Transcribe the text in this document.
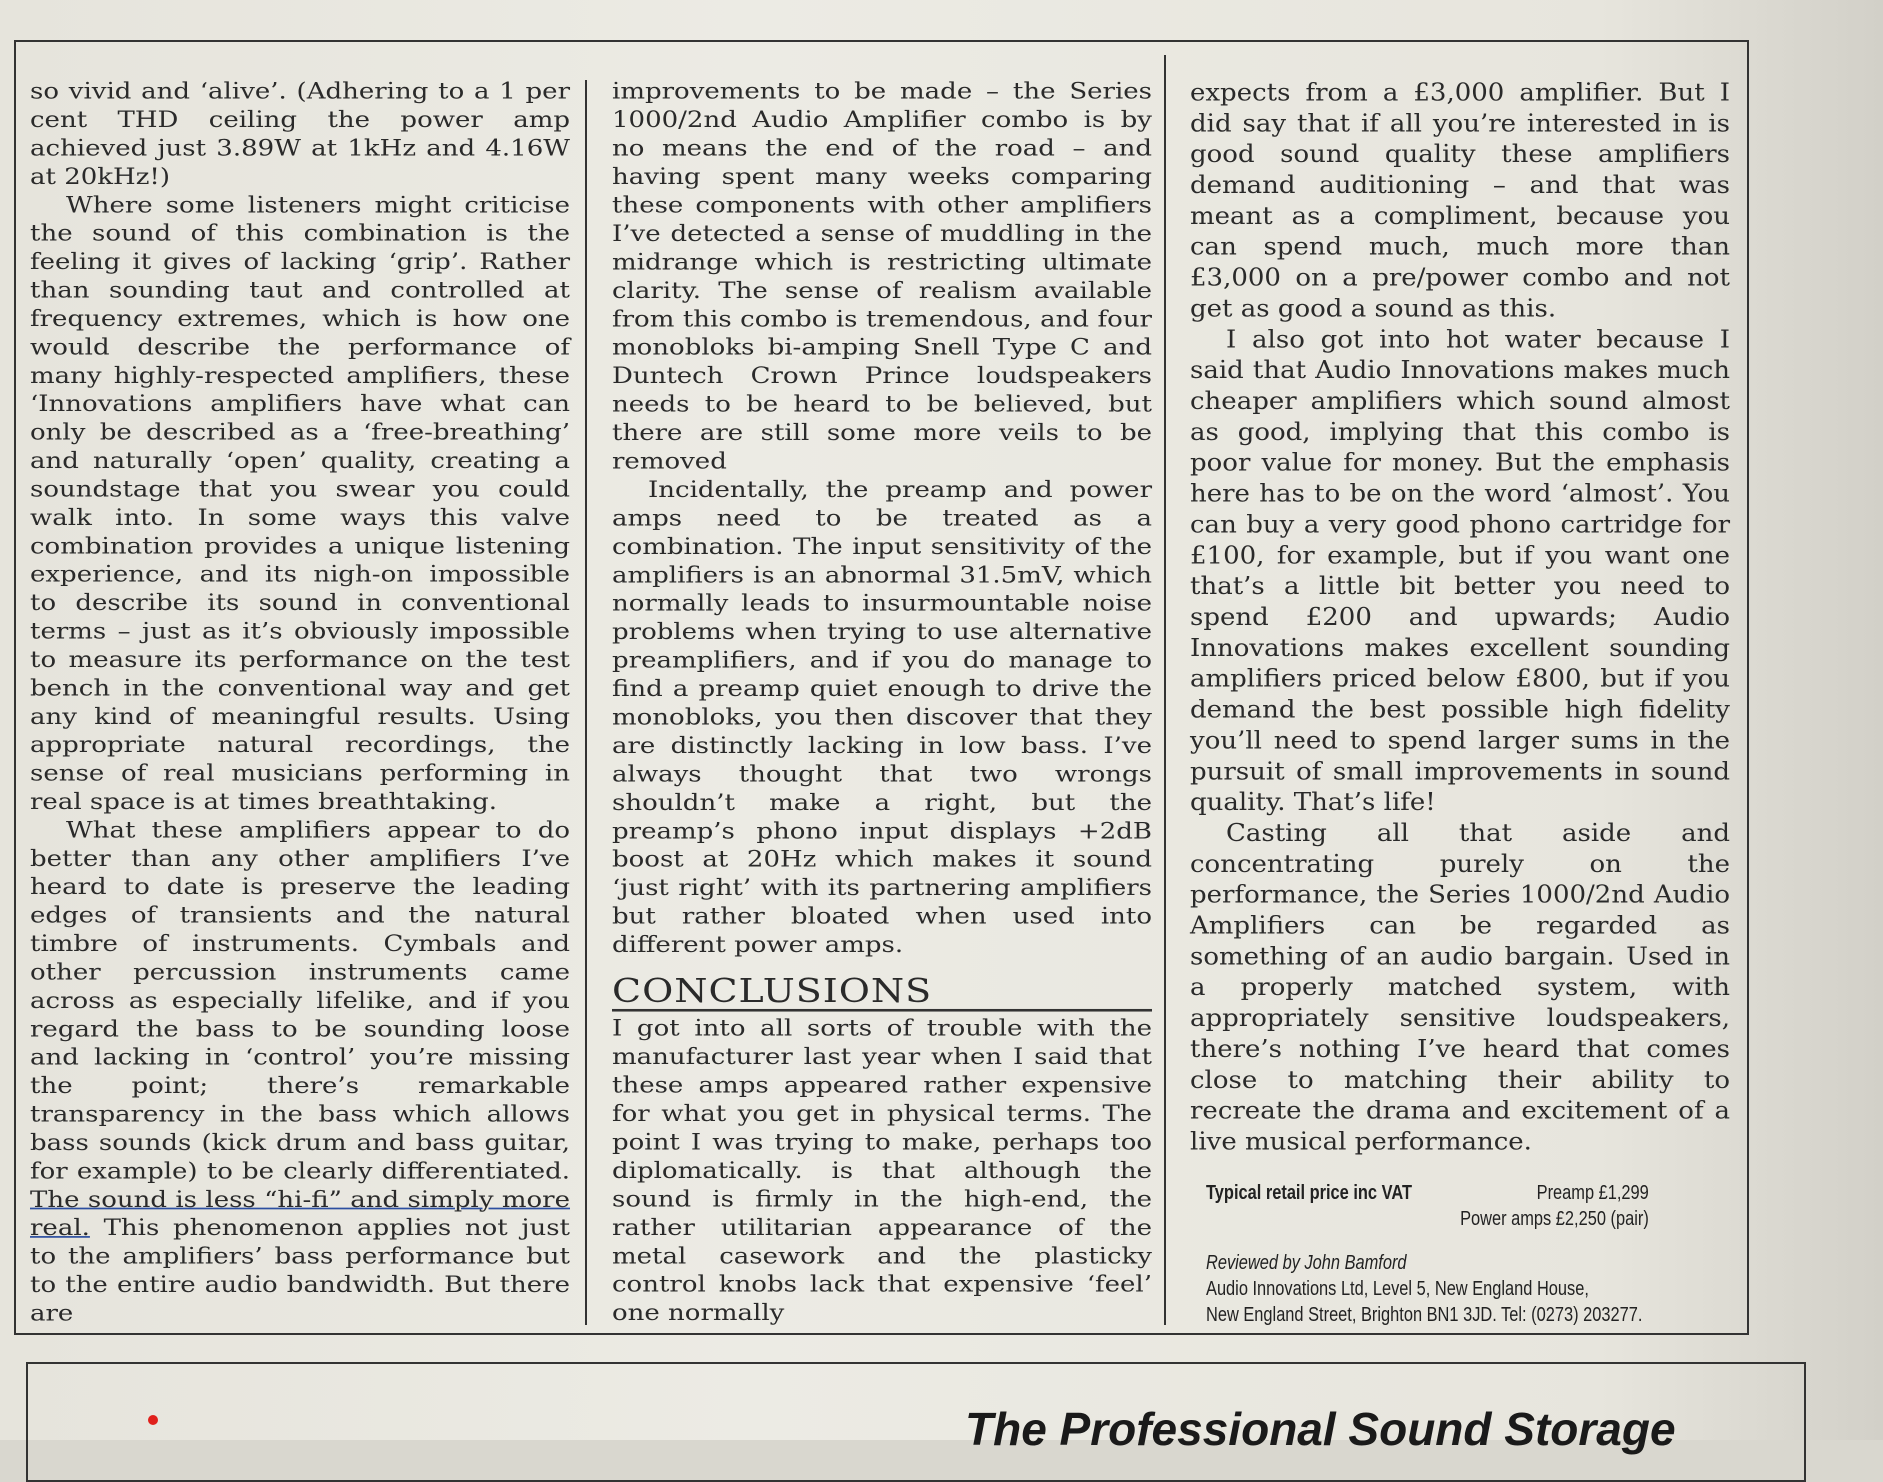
so vivid and ‘alive’. (Adhering to a 1 per cent THD ceiling the power amp achieved just 3.89W at 1kHz and 4.16W at 20kHz!)

Where some listeners might criticise the sound of this combination is the feeling it gives of lacking ‘grip’. Rather than sounding taut and controlled at frequency extremes, which is how one would describe the performance of many highly-respected amplifiers, these ‘Innovations amplifiers have what can only be described as a ‘free-breathing’ and naturally ‘open’ quality, creating a soundstage that you swear you could walk into. In some ways this valve combination provides a unique listening experience, and its nigh-on impossible to describe its sound in conventional terms – just as it’s obviously impossible to measure its performance on the test bench in the conventional way and get any kind of meaningful results. Using appropriate natural recordings, the sense of real musicians performing in real space is at times breathtaking.

What these amplifiers appear to do better than any other amplifiers I’ve heard to date is preserve the leading edges of transients and the natural timbre of instruments. Cymbals and other percussion instruments came across as especially lifelike, and if you regard the bass to be sounding loose and lacking in ‘control’ you’re missing the point; there’s remarkable transparency in the bass which allows bass sounds (kick drum and bass guitar, for example) to be clearly differentiated. The sound is less “hi-fi” and simply more real. This phenomenon applies not just to the amplifiers’ bass performance but to the entire audio bandwidth. But there are

improvements to be made – the Series 1000/2nd Audio Amplifier combo is by no means the end of the road – and having spent many weeks comparing these components with other amplifiers I’ve detected a sense of muddling in the midrange which is restricting ultimate clarity. The sense of realism available from this combo is tremendous, and four monobloks bi-amping Snell Type C and Duntech Crown Prince loudspeakers needs to be heard to be believed, but there are still some more veils to be removed

Incidentally, the preamp and power amps need to be treated as a combination. The input sensitivity of the amplifiers is an abnormal 31.5mV, which normally leads to insurmountable noise problems when trying to use alternative preamplifiers, and if you do manage to find a preamp quiet enough to drive the monobloks, you then discover that they are distinctly lacking in low bass. I’ve always thought that two wrongs shouldn’t make a right, but the preamp’s phono input displays +2dB boost at 20Hz which makes it sound ‘just right’ with its partnering amplifiers but rather bloated when used into different power amps.

CONCLUSIONS

I got into all sorts of trouble with the manufacturer last year when I said that these amps appeared rather expensive for what you get in physical terms. The point I was trying to make, perhaps too diplomatically. is that although the sound is firmly in the high-end, the rather utilitarian appearance of the metal casework and the plasticky control knobs lack that expensive ‘feel’ one normally

expects from a £3,000 amplifier. But I did say that if all you’re interested in is good sound quality these amplifiers demand auditioning – and that was meant as a compliment, because you can spend much, much more than £3,000 on a pre/power combo and not get as good a sound as this.

I also got into hot water because I said that Audio Innovations makes much cheaper amplifiers which sound almost as good, implying that this combo is poor value for money. But the emphasis here has to be on the word ‘almost’. You can buy a very good phono cartridge for £100, for example, but if you want one that’s a little bit better you need to spend £200 and upwards; Audio Innovations makes excellent sounding amplifiers priced below £800, but if you demand the best possible high fidelity you’ll need to spend larger sums in the pursuit of small improvements in sound quality. That’s life!

Casting all that aside and concentrating purely on the performance, the Series 1000/2nd Audio Amplifiers can be regarded as something of an audio bargain. Used in a properly matched system, with appropriately sensitive loudspeakers, there’s nothing I’ve heard that comes close to matching their ability to recreate the drama and excitement of a live musical performance.

Typical retail price inc VAT	Preamp £1,299
Power amps £2,250 (pair)
Reviewed by John Bamford
Audio Innovations Ltd, Level 5, New England House,
New England Street, Brighton BN1 3JD. Tel: (0273) 203277.
The Professional Sound Storage
